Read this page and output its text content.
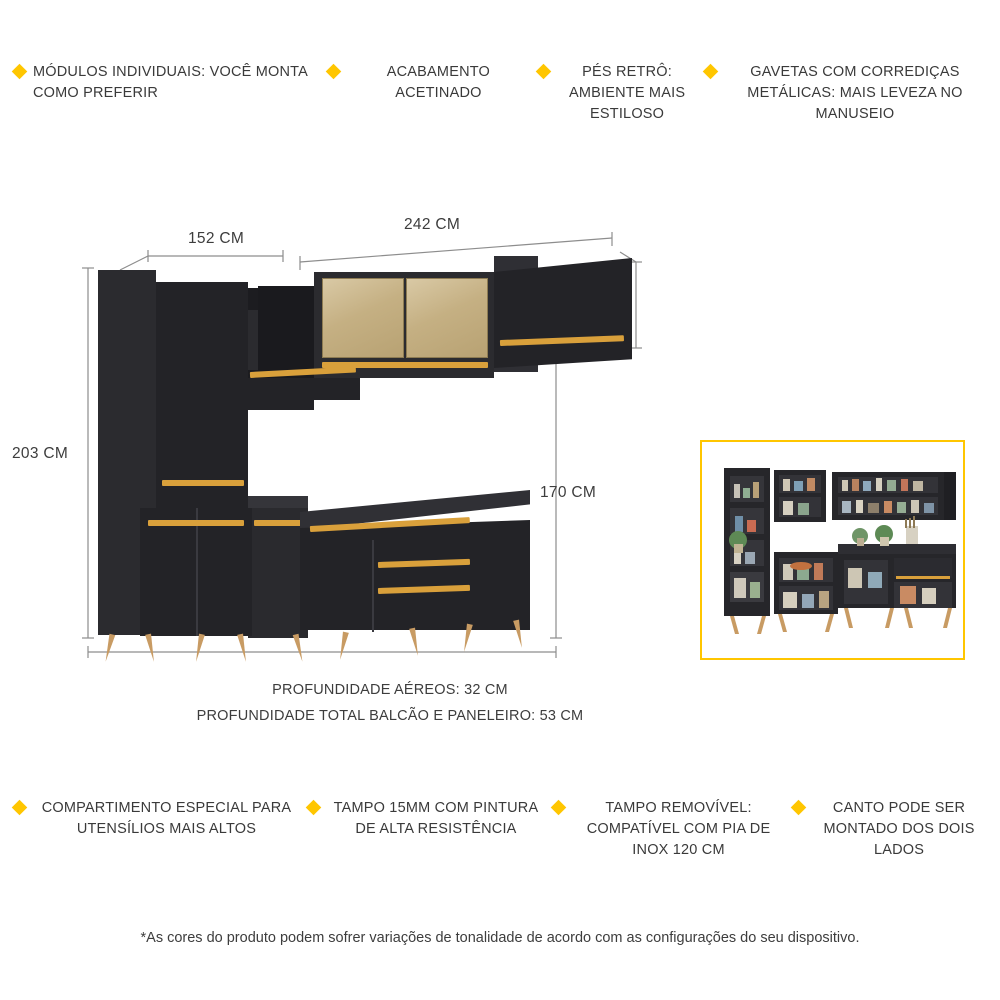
MÓDULOS INDIVIDUAIS: VOCÊ MONTA COMO PREFERIR
ACABAMENTO ACETINADO
PÉS RETRÔ: AMBIENTE MAIS ESTILOSO
GAVETAS COM CORREDIÇAS METÁLICAS: MAIS LEVEZA NO MANUSEIO
152 CM
242 CM
203 CM
170 CM
PROFUNDIDADE AÉREOS: 32 CM
PROFUNDIDADE TOTAL BALCÃO E PANELEIRO: 53 CM
COMPARTIMENTO ESPECIAL PARA UTENSÍLIOS MAIS ALTOS
TAMPO 15MM COM PINTURA DE ALTA RESISTÊNCIA
TAMPO REMOVÍVEL: COMPATÍVEL COM PIA DE INOX 120 CM
CANTO PODE SER MONTADO DOS DOIS LADOS
*As cores do produto podem sofrer variações de tonalidade de acordo com as configurações do seu dispositivo.
